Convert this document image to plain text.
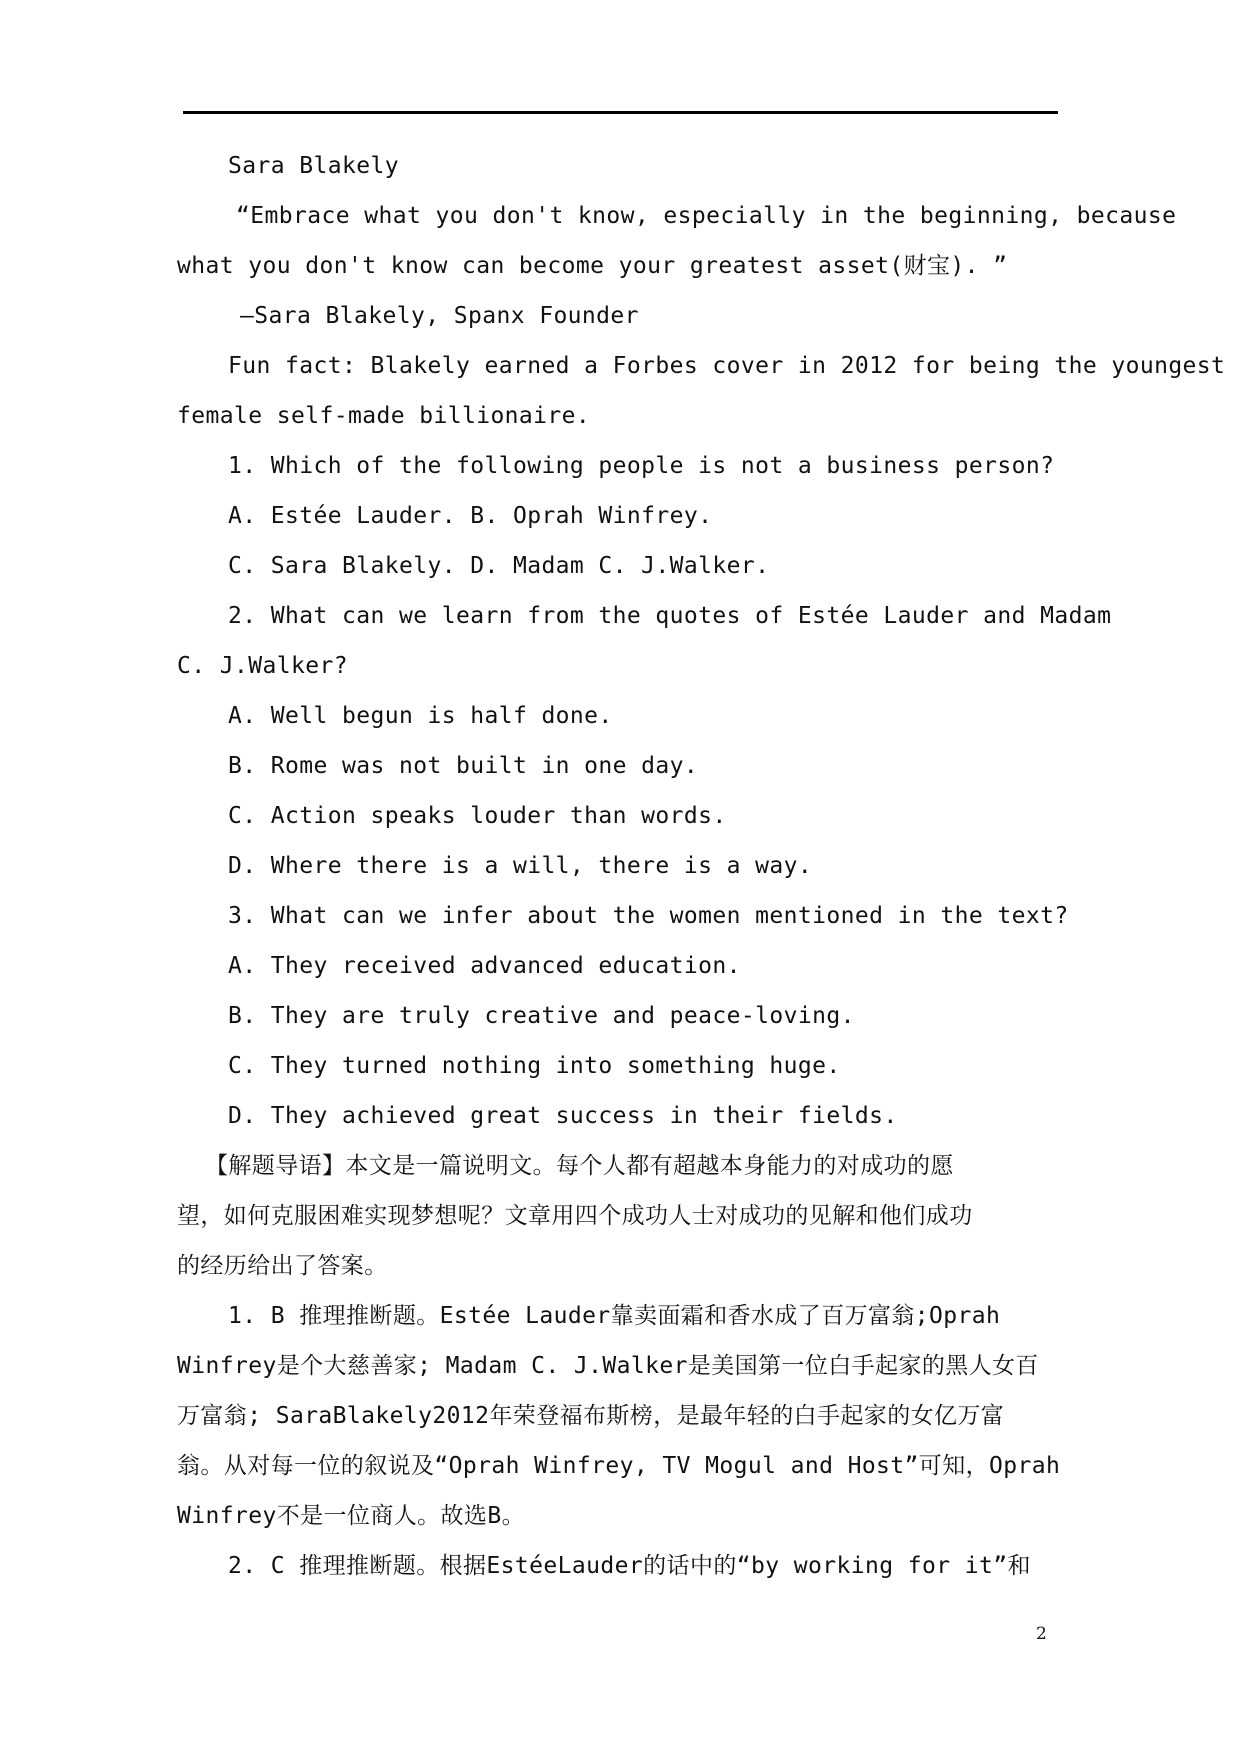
Sara Blakely
“Embrace what you don't know, especially in the beginning, because
what you don't know can become your greatest asset(财宝). ”
—Sara Blakely, Spanx Founder
Fun fact: Blakely earned a Forbes cover in 2012 for being the youngest
female self-made billionaire.
1. Which of the following people is not a business person?
A. Estée Lauder. B. Oprah Winfrey.
C. Sara Blakely. D. Madam C. J.Walker.
2. What can we learn from the quotes of Estée Lauder and Madam
C. J.Walker?
A. Well begun is half done.
B. Rome was not built in one day.
C. Action speaks louder than words.
D. Where there is a will, there is a way.
3. What can we infer about the women mentioned in the text?
A. They received advanced education.
B. They are truly creative and peace-loving.
C. They turned nothing into something huge.
D. They achieved great success in their fields.
【解题导语】本文是一篇说明文。每个人都有超越本身能力的对成功的愿
望，如何克服困难实现梦想呢？文章用四个成功人士对成功的见解和他们成功
的经历给出了答案。
1. B 推理推断题。Estée Lauder靠卖面霜和香水成了百万富翁;Oprah
Winfrey是个大慈善家; Madam C. J.Walker是美国第一位白手起家的黑人女百
万富翁; SaraBlakely2012年荣登福布斯榜，是最年轻的白手起家的女亿万富
翁。从对每一位的叙说及“Oprah Winfrey, TV Mogul and Host”可知，Oprah
Winfrey不是一位商人。故选B。
2. C 推理推断题。根据EstéeLauder的话中的“by working for it”和
2
